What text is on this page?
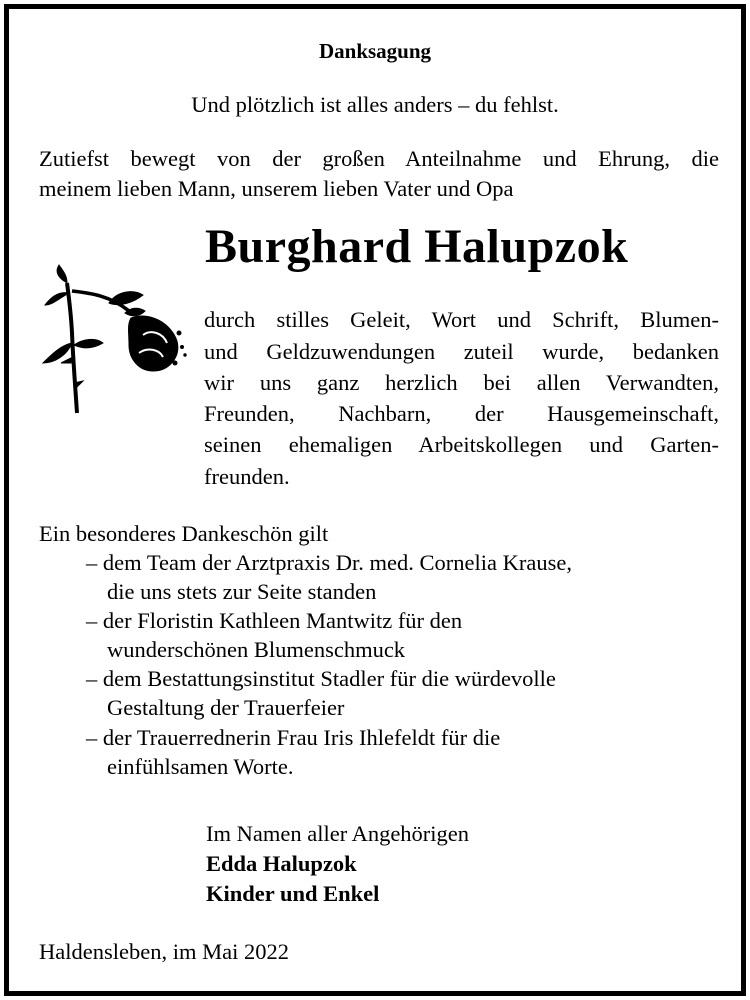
Danksagung
Und plötzlich ist alles anders – du fehlst.
Zutiefst bewegt von der großen Anteilnahme und Ehrung, die
meinem lieben Mann, unserem lieben Vater und Opa
Burghard Halupzok
durch stilles Geleit, Wort und Schrift, Blumen-
und Geldzuwendungen zuteil wurde, bedanken
wir uns ganz herzlich bei allen Verwandten,
Freunden, Nachbarn, der Hausgemeinschaft,
seinen ehemaligen Arbeitskollegen und Garten-
freunden.
Ein besonderes Dankeschön gilt
– dem Team der Arztpraxis Dr. med. Cornelia Krause,
die uns stets zur Seite standen
– der Floristin Kathleen Mantwitz für den
wunderschönen Blumenschmuck
– dem Bestattungsinstitut Stadler für die würdevolle
Gestaltung der Trauerfeier
– der Trauerrednerin Frau Iris Ihlefeldt für die
einfühlsamen Worte.
Im Namen aller Angehörigen
Edda Halupzok
Kinder und Enkel
Haldensleben, im Mai 2022
